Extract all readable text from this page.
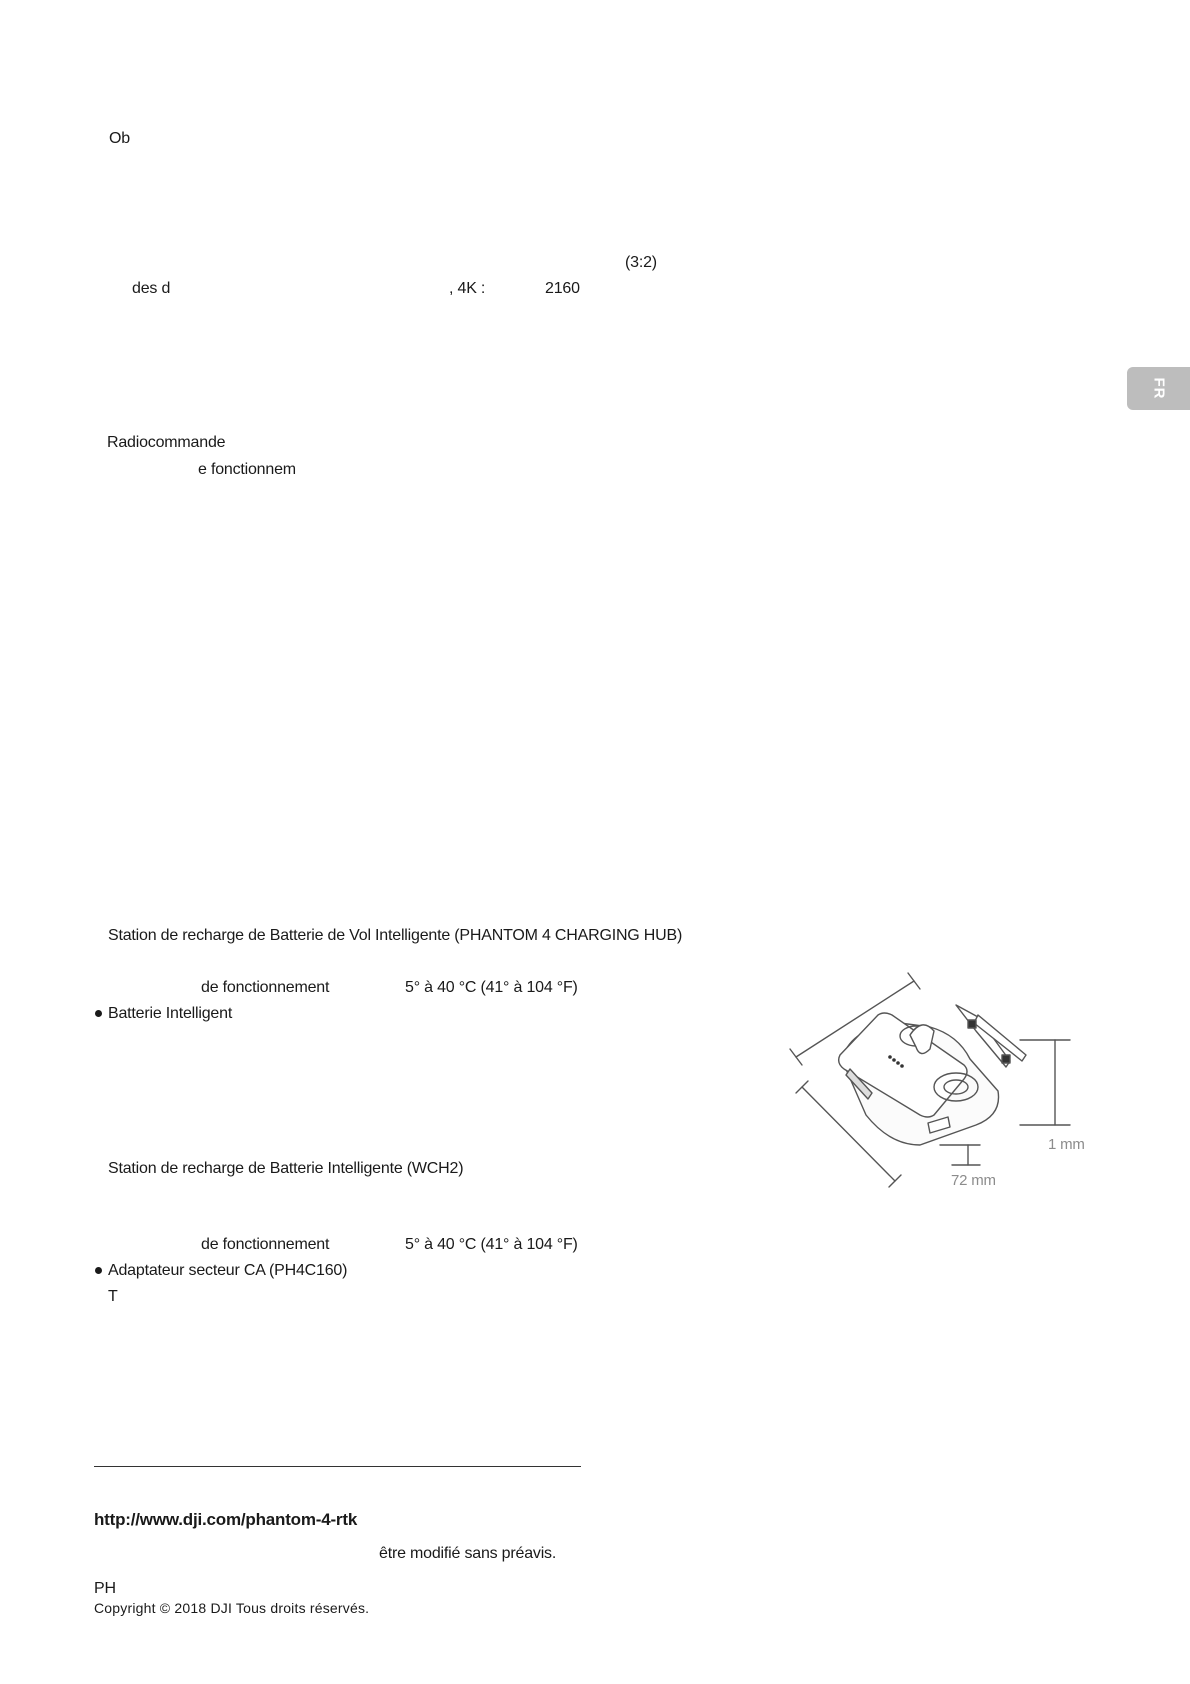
Ob
(3:2)
des d	, 4K :	2160
FR
Radiocommande
e fonctionnem
Station de recharge de Batterie de Vol Intelligente (PHANTOM 4 CHARGING HUB)
de fonctionnement	5° à 40 °C (41° à 104 °F)
Batterie Intelligent
Station de recharge de Batterie Intelligente (WCH2)
de fonctionnement	5° à 40 °C (41° à 104 °F)
Adaptateur secteur CA (PH4C160)
T
1 mm
72 mm
http://www.dji.com/phantom-4-rtk
être modifié sans préavis.
PH
Copyright © 2018 DJI Tous droits réservés.
